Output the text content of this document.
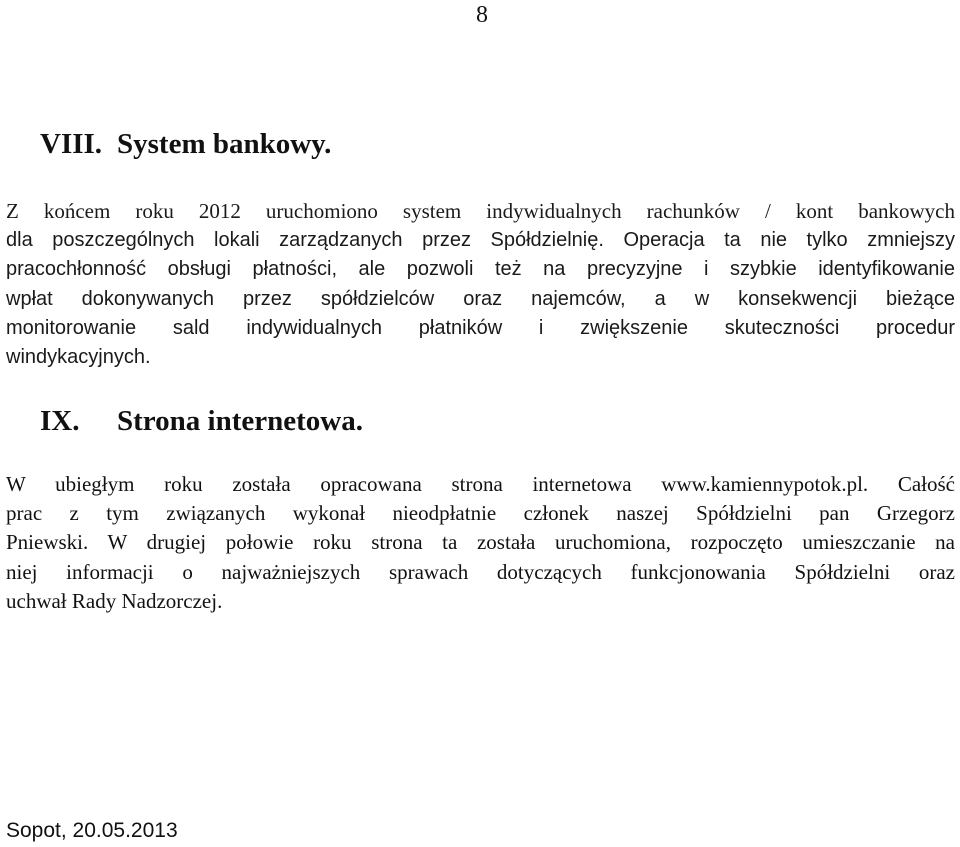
8
VIII. System bankowy.
Z końcem roku 2012 uruchomiono system indywidualnych rachunków / kont bankowych
dla poszczególnych lokali zarządzanych przez Spółdzielnię. Operacja ta nie tylko zmniejszy
pracochłonność obsługi płatności, ale pozwoli też na precyzyjne i szybkie identyfikowanie
wpłat dokonywanych przez spółdzielców oraz najemców, a w konsekwencji bieżące
monitorowanie sald indywidualnych płatników i zwiększenie skuteczności procedur
windykacyjnych.
IX. Strona internetowa.
W ubiegłym roku została opracowana strona internetowa www.kamiennypotok.pl. Całość
prac z tym związanych wykonał nieodpłatnie członek naszej Spółdzielni pan Grzegorz
Pniewski. W drugiej połowie roku strona ta została uruchomiona, rozpoczęto umieszczanie na
niej informacji o najważniejszych sprawach dotyczących funkcjonowania Spółdzielni oraz
uchwał Rady Nadzorczej.
Sopot, 20.05.2013
